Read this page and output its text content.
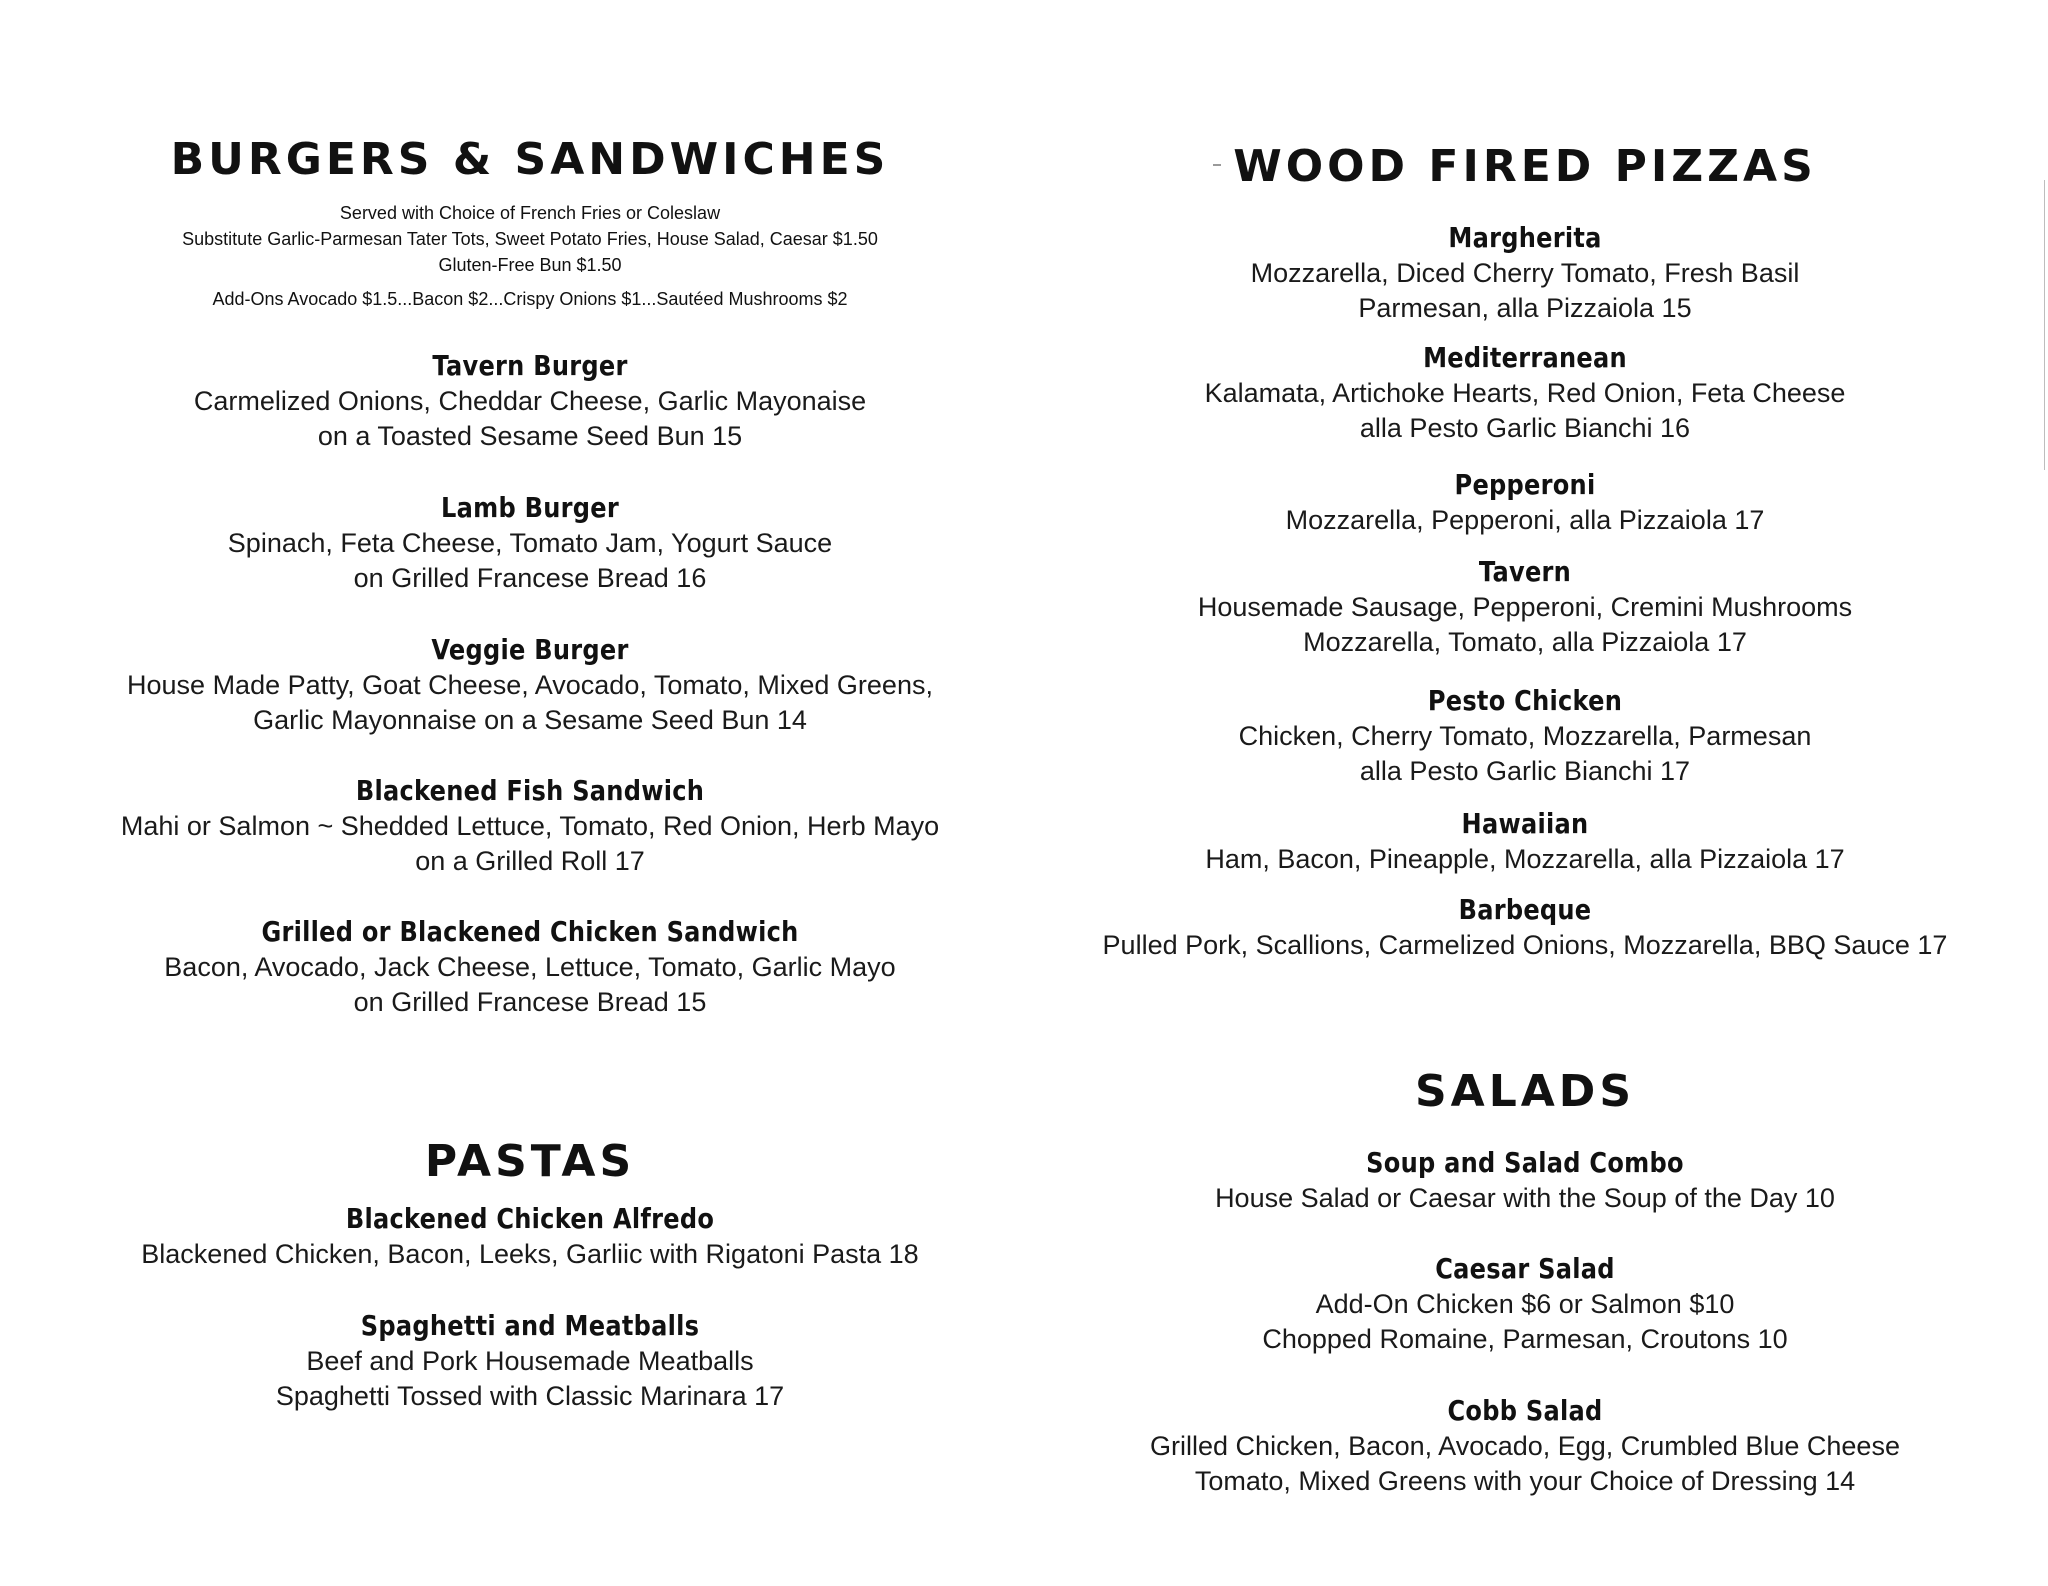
BURGERS & SANDWICHES
Served with Choice of French Fries or Coleslaw
Substitute Garlic-Parmesan Tater Tots, Sweet Potato Fries, House Salad, Caesar $1.50
Gluten-Free Bun $1.50
Add-Ons Avocado $1.5...Bacon $2...Crispy Onions $1...Sautéed Mushrooms $2
Tavern Burger
Carmelized Onions, Cheddar Cheese, Garlic Mayonaise
on a Toasted Sesame Seed Bun 15
Lamb Burger
Spinach, Feta Cheese, Tomato Jam, Yogurt Sauce
on Grilled Francese Bread 16
Veggie Burger
House Made Patty, Goat Cheese, Avocado, Tomato, Mixed Greens,
Garlic Mayonnaise on a Sesame Seed Bun 14
Blackened Fish Sandwich
Mahi or Salmon ~ Shedded Lettuce, Tomato, Red Onion, Herb Mayo
on a Grilled Roll 17
Grilled or Blackened Chicken Sandwich
Bacon, Avocado, Jack Cheese, Lettuce, Tomato, Garlic Mayo
on Grilled Francese Bread 15
PASTAS
Blackened Chicken Alfredo
Blackened Chicken, Bacon, Leeks, Garliic with Rigatoni Pasta 18
Spaghetti and Meatballs
Beef and Pork Housemade Meatballs
Spaghetti Tossed with Classic Marinara 17
WOOD FIRED PIZZAS
Margherita
Mozzarella, Diced Cherry Tomato, Fresh Basil
Parmesan, alla Pizzaiola 15
Mediterranean
Kalamata, Artichoke Hearts, Red Onion, Feta Cheese
alla Pesto Garlic Bianchi 16
Pepperoni
Mozzarella, Pepperoni, alla Pizzaiola 17
Tavern
Housemade Sausage, Pepperoni, Cremini Mushrooms
Mozzarella, Tomato, alla Pizzaiola 17
Pesto Chicken
Chicken, Cherry Tomato, Mozzarella, Parmesan
alla Pesto Garlic Bianchi 17
Hawaiian
Ham, Bacon, Pineapple, Mozzarella, alla Pizzaiola 17
Barbeque
Pulled Pork, Scallions, Carmelized Onions, Mozzarella, BBQ Sauce 17
SALADS
Soup and Salad Combo
House Salad or Caesar with the Soup of the Day 10
Caesar Salad
Add-On Chicken $6 or Salmon $10
Chopped Romaine, Parmesan, Croutons 10
Cobb Salad
Grilled Chicken, Bacon, Avocado, Egg, Crumbled Blue Cheese
Tomato, Mixed Greens with your Choice of Dressing 14
